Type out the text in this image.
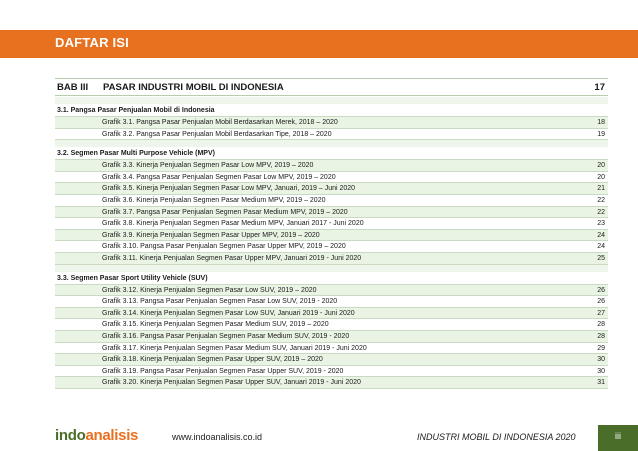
DAFTAR ISI
BAB III PASAR INDUSTRI MOBIL DI INDONESIA	17
3.1. Pangsa Pasar Penjualan Mobil di Indonesia
Grafik 3.1. Pangsa Pasar Penjualan Mobil Berdasarkan Merek, 2018 – 2020	18
Grafik 3.2. Pangsa Pasar Penjualan Mobil Berdasarkan Tipe, 2018 – 2020	19
3.2. Segmen Pasar Multi Purpose Vehicle (MPV)
Grafik 3.3. Kinerja Penjualan Segmen Pasar Low MPV, 2019 – 2020	20
Grafik 3.4. Pangsa Pasar Penjualan Segmen Pasar Low MPV, 2019 – 2020	20
Grafik 3.5. Kinerja Penjualan Segmen Pasar Low MPV, Januari, 2019 – Juni 2020	21
Grafik 3.6. Kinerja Penjualan Segmen Pasar Medium MPV, 2019 – 2020	22
Grafik 3.7. Pangsa Pasar Penjualan Segmen Pasar Medium MPV, 2019 – 2020	22
Grafik 3.8. Kinerja Penjualan Segmen Pasar Medium MPV, Januari 2017 - Juni 2020	23
Grafik 3.9. Kinerja Penjualan Segmen Pasar Upper MPV, 2019 – 2020	24
Grafik 3.10. Pangsa Pasar Penjualan Segmen Pasar Upper MPV, 2019 – 2020	24
Grafik 3.11. Kinerja Penjualan Segmen Pasar Upper MPV, Januari 2019 - Juni 2020	25
3.3. Segmen Pasar Sport Utility Vehicle (SUV)
Grafik 3.12. Kinerja Penjualan Segmen Pasar Low SUV, 2019 – 2020	26
Grafik 3.13. Pangsa Pasar Penjualan Segmen Pasar Low SUV, 2019 - 2020	26
Grafik 3.14. Kinerja Penjualan Segmen Pasar Low SUV, Januari 2019 - Juni 2020	27
Grafik 3.15. Kinerja Penjualan Segmen Pasar Medium SUV, 2019 – 2020	28
Grafik 3.16. Pangsa Pasar Penjualan Segmen Pasar Medium SUV, 2019 - 2020	28
Grafik 3.17. Kinerja Penjualan Segmen Pasar Medium SUV, Januari 2019 - Juni 2020	29
Grafik 3.18. Kinerja Penjualan Segmen Pasar Upper SUV, 2019 – 2020	30
Grafik 3.19. Pangsa Pasar Penjualan Segmen Pasar Upper SUV, 2019 - 2020	30
Grafik 3.20. Kinerja Penjualan Segmen Pasar Upper SUV, Januari 2019 - Juni 2020	31
indoanalisis	www.indoanalisis.co.id	INDUSTRI MOBIL DI INDONESIA 2020	iii
